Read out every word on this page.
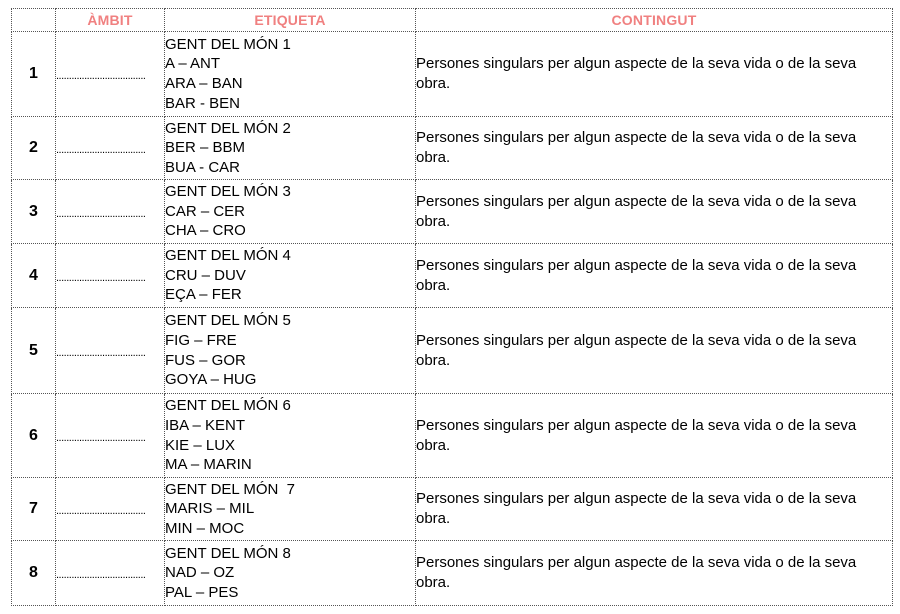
	ÀMBIT	ETIQUETA	CONTINGUT
1	...................................	GENT DEL MÓN 1
A – ANT
ARA – BAN
BAR - BEN	Persones singulars per algun aspecte de la seva vida o de la seva obra.
2	...................................	GENT DEL MÓN 2
BER – BBM
BUA - CAR	Persones singulars per algun aspecte de la seva vida o de la seva obra.
3	...................................	GENT DEL MÓN 3
CAR – CER
CHA – CRO	Persones singulars per algun aspecte de la seva vida o de la seva obra.
4	...................................	GENT DEL MÓN 4
CRU – DUV
EÇA – FER	Persones singulars per algun aspecte de la seva vida o de la seva obra.
5	...................................	GENT DEL MÓN 5
FIG – FRE
FUS – GOR
GOYA – HUG	Persones singulars per algun aspecte de la seva vida o de la seva obra.
6	...................................	GENT DEL MÓN 6
IBA – KENT
KIE – LUX
MA – MARIN	Persones singulars per algun aspecte de la seva vida o de la seva obra.
7	...................................	GENT DEL MÓN  7
MARIS – MIL
MIN – MOC	Persones singulars per algun aspecte de la seva vida o de la seva obra.
8	...................................	GENT DEL MÓN 8
NAD – OZ
PAL – PES	Persones singulars per algun aspecte de la seva vida o de la seva obra.
